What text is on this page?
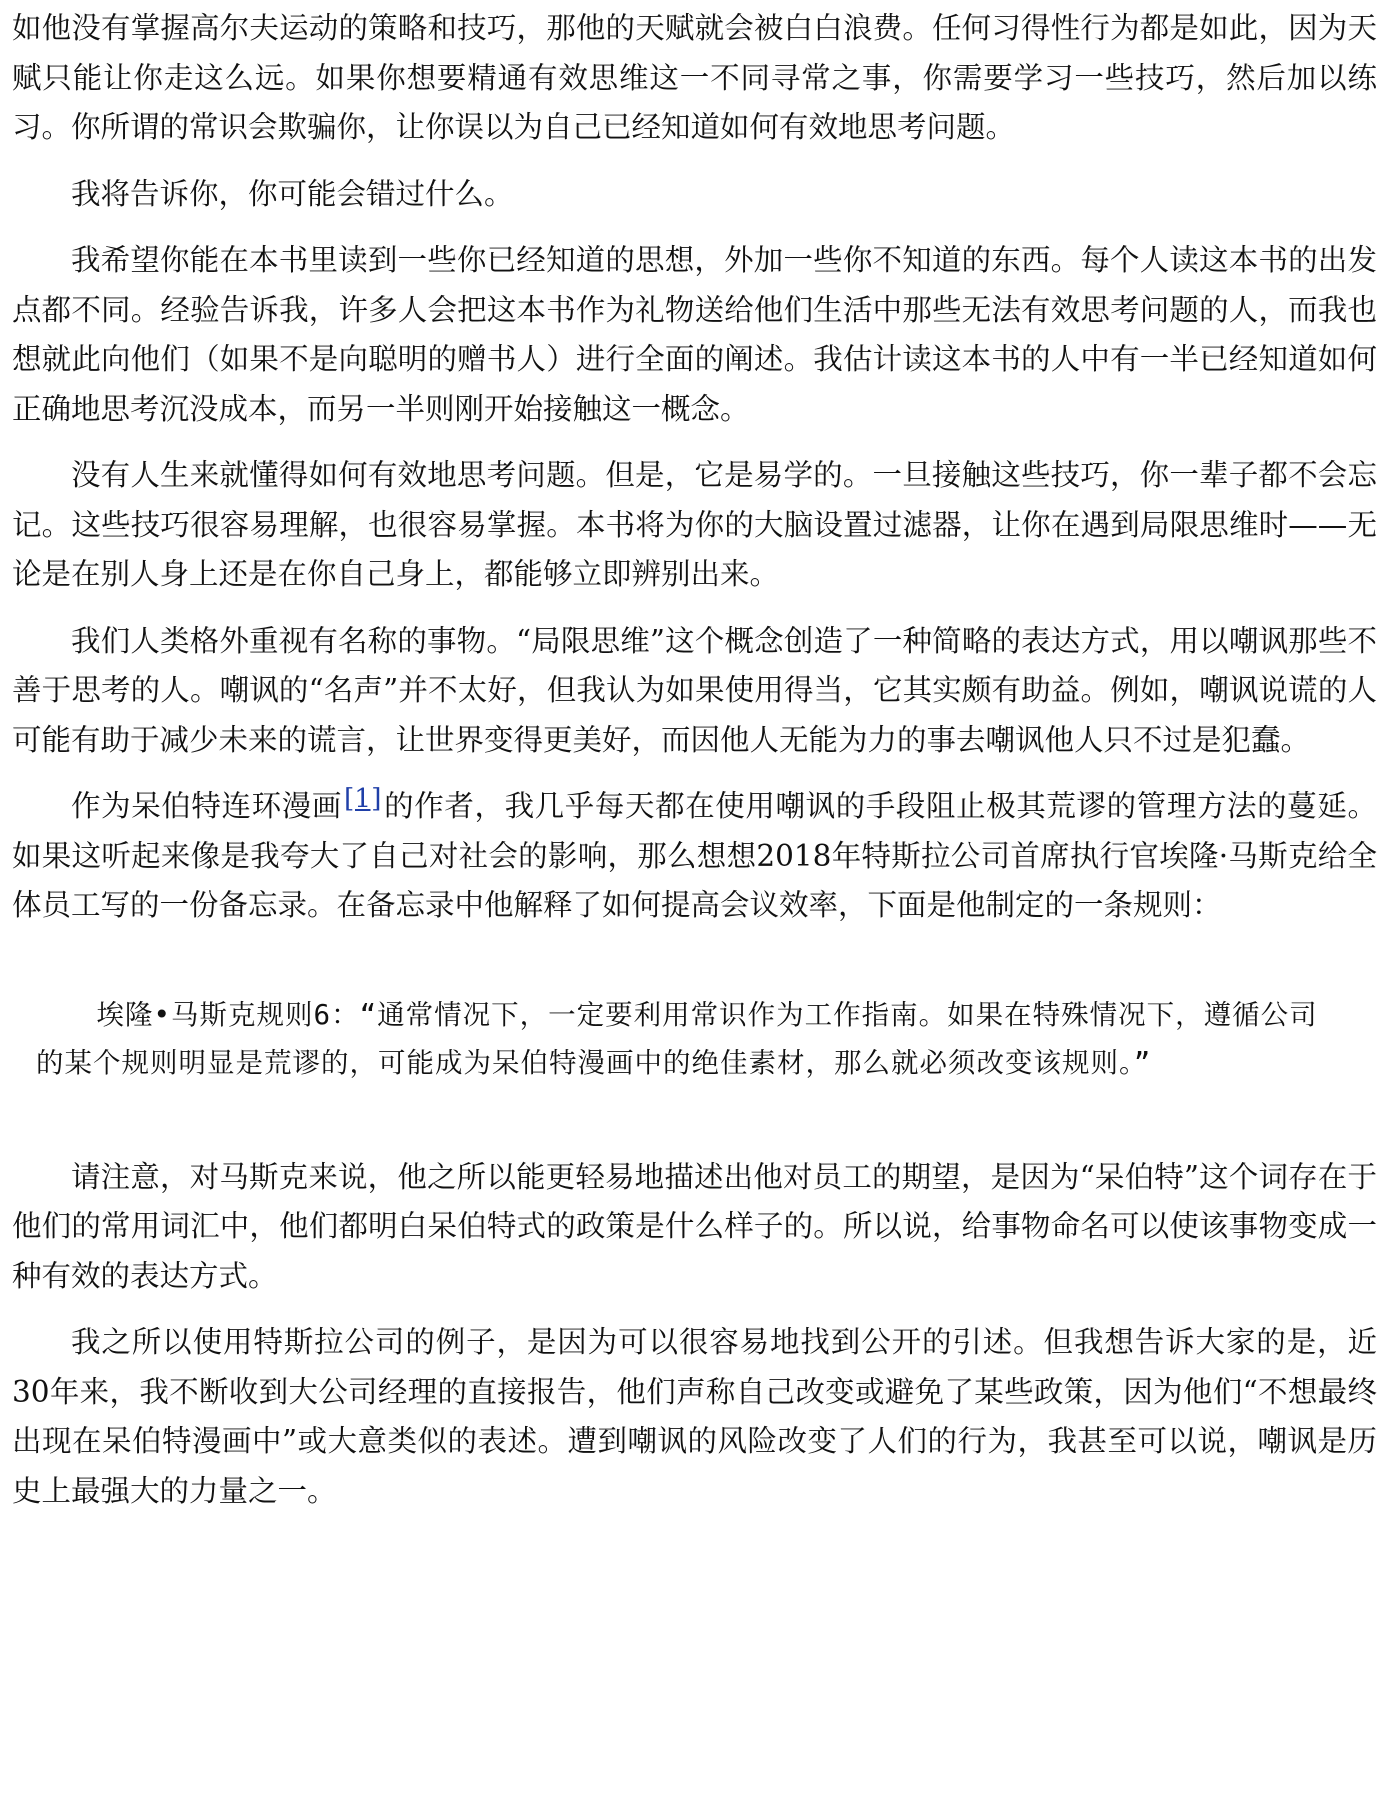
如他没有掌握高尔夫运动的策略和技巧，那他的天赋就会被白白浪费。任何习得性行为都是如此，因为天赋只能让你走这么远。如果你想要精通有效思维这一不同寻常之事，你需要学习一些技巧，然后加以练习。你所谓的常识会欺骗你，让你误以为自己已经知道如何有效地思考问题。

我将告诉你，你可能会错过什么。

我希望你能在本书里读到一些你已经知道的思想，外加一些你不知道的东西。每个人读这本书的出发点都不同。经验告诉我，许多人会把这本书作为礼物送给他们生活中那些无法有效思考问题的人，而我也想就此向他们（如果不是向聪明的赠书人）进行全面的阐述。我估计读这本书的人中有一半已经知道如何正确地思考沉没成本，而另一半则刚开始接触这一概念。

没有人生来就懂得如何有效地思考问题。但是，它是易学的。一旦接触这些技巧，你一辈子都不会忘记。这些技巧很容易理解，也很容易掌握。本书将为你的大脑设置过滤器，让你在遇到局限思维时——无论是在别人身上还是在你自己身上，都能够立即辨别出来。

我们人类格外重视有名称的事物。“局限思维”这个概念创造了一种简略的表达方式，用以嘲讽那些不善于思考的人。嘲讽的“名声”并不太好，但我认为如果使用得当，它其实颇有助益。例如，嘲讽说谎的人可能有助于减少未来的谎言，让世界变得更美好，而因他人无能为力的事去嘲讽他人只不过是犯蠢。

作为呆伯特连环漫画[1]的作者，我几乎每天都在使用嘲讽的手段阻止极其荒谬的管理方法的蔓延。如果这听起来像是我夸大了自己对社会的影响，那么想想2018年特斯拉公司首席执行官埃隆·马斯克给全体员工写的一份备忘录。在备忘录中他解释了如何提高会议效率，下面是他制定的一条规则：

埃隆•马斯克规则6：“通常情况下，一定要利用常识作为工作指南。如果在特殊情况下，遵循公司的某个规则明显是荒谬的，可能成为呆伯特漫画中的绝佳素材，那么就必须改变该规则。”

请注意，对马斯克来说，他之所以能更轻易地描述出他对员工的期望，是因为“呆伯特”这个词存在于他们的常用词汇中，他们都明白呆伯特式的政策是什么样子的。所以说，给事物命名可以使该事物变成一种有效的表达方式。

我之所以使用特斯拉公司的例子，是因为可以很容易地找到公开的引述。但我想告诉大家的是，近30年来，我不断收到大公司经理的直接报告，他们声称自己改变或避免了某些政策，因为他们“不想最终出现在呆伯特漫画中”或大意类似的表述。遭到嘲讽的风险改变了人们的行为，我甚至可以说，嘲讽是历史上最强大的力量之一。
